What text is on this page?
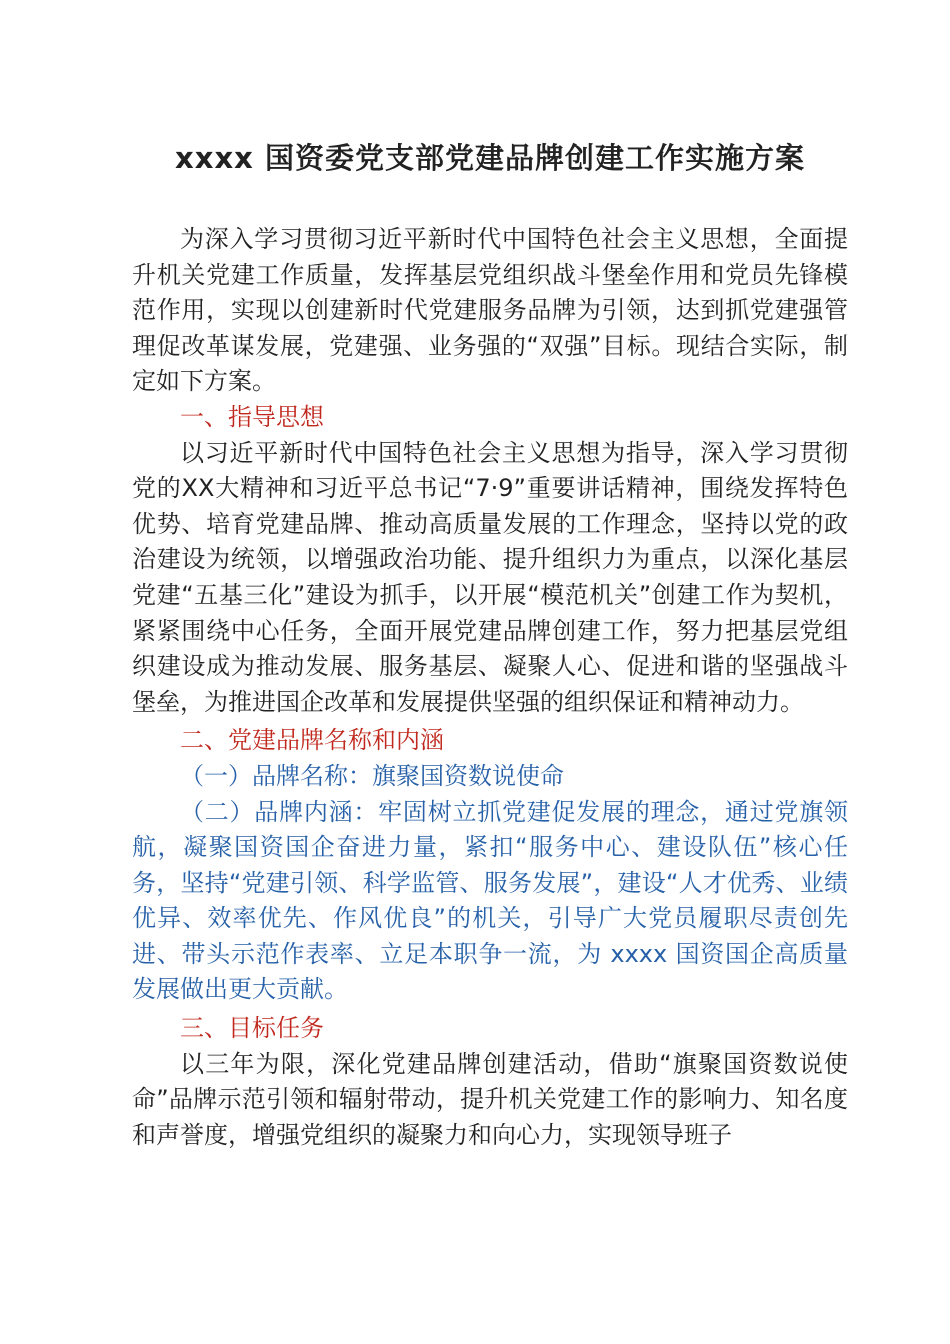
xxxx 国资委党支部党建品牌创建工作实施方案

为深入学习贯彻习近平新时代中国特色社会主义思想，全面提升机关党建工作质量，发挥基层党组织战斗堡垒作用和党员先锋模范作用，实现以创建新时代党建服务品牌为引领，达到抓党建强管理促改革谋发展，党建强、业务强的“双强”目标。现结合实际，制定如下方案。

一、指导思想

以习近平新时代中国特色社会主义思想为指导，深入学习贯彻党的XX大精神和习近平总书记“7·9”重要讲话精神，围绕发挥特色优势、培育党建品牌、推动高质量发展的工作理念，坚持以党的政治建设为统领，以增强政治功能、提升组织力为重点，以深化基层党建“五基三化”建设为抓手，以开展“模范机关”创建工作为契机，紧紧围绕中心任务，全面开展党建品牌创建工作，努力把基层党组织建设成为推动发展、服务基层、凝聚人心、促进和谐的坚强战斗堡垒，为推进国企改革和发展提供坚强的组织保证和精神动力。

二、党建品牌名称和内涵

（一）品牌名称：旗聚国资数说使命

（二）品牌内涵：牢固树立抓党建促发展的理念，通过党旗领航，凝聚国资国企奋进力量，紧扣“服务中心、建设队伍”核心任务，坚持“党建引领、科学监管、服务发展”，建设“人才优秀、业绩优异、效率优先、作风优良”的机关，引导广大党员履职尽责创先进、带头示范作表率、立足本职争一流，为 xxxx 国资国企高质量发展做出更大贡献。

三、目标任务

以三年为限，深化党建品牌创建活动，借助“旗聚国资数说使命”品牌示范引领和辐射带动，提升机关党建工作的影响力、知名度和声誉度，增强党组织的凝聚力和向心力，实现领导班子
